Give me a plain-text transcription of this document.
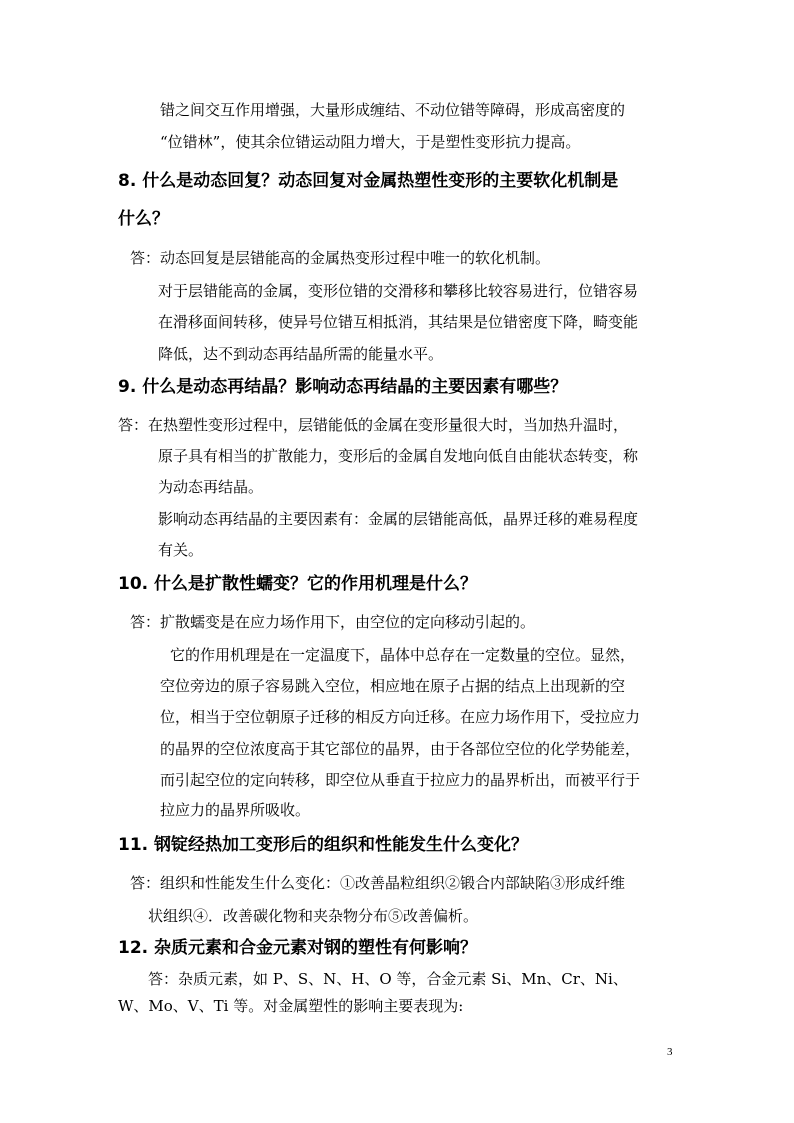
错之间交互作用增强，大量形成缠结、不动位错等障碍，形成高密度的
“位错林”，使其余位错运动阻力增大，于是塑性变形抗力提高。
8. 什么是动态回复？动态回复对金属热塑性变形的主要软化机制是
什么？
答：动态回复是层错能高的金属热变形过程中唯一的软化机制。
对于层错能高的金属，变形位错的交滑移和攀移比较容易进行，位错容易
在滑移面间转移，使异号位错互相抵消，其结果是位错密度下降，畸变能
降低，达不到动态再结晶所需的能量水平。
9. 什么是动态再结晶？影响动态再结晶的主要因素有哪些？
答：在热塑性变形过程中，层错能低的金属在变形量很大时，当加热升温时，
原子具有相当的扩散能力，变形后的金属自发地向低自由能状态转变，称
为动态再结晶。
影响动态再结晶的主要因素有：金属的层错能高低，晶界迁移的难易程度
有关。
10. 什么是扩散性蠕变？它的作用机理是什么？
答：扩散蠕变是在应力场作用下，由空位的定向移动引起的。
它的作用机理是在一定温度下，晶体中总存在一定数量的空位。显然，
空位旁边的原子容易跳入空位，相应地在原子占据的结点上出现新的空
位，相当于空位朝原子迁移的相反方向迁移。在应力场作用下，受拉应力
的晶界的空位浓度高于其它部位的晶界，由于各部位空位的化学势能差，
而引起空位的定向转移，即空位从垂直于拉应力的晶界析出，而被平行于
拉应力的晶界所吸收。
11. 钢锭经热加工变形后的组织和性能发生什么变化？
答：组织和性能发生什么变化：①改善晶粒组织②锻合内部缺陷③形成纤维
状组织④．改善碳化物和夹杂物分布⑤改善偏析。
12. 杂质元素和合金元素对钢的塑性有何影响？
答：杂质元素，如 P、S、N、H、O 等，合金元素 Si、Mn、Cr、Ni、
W、Mo、V、Ti 等。对金属塑性的影响主要表现为:
3
